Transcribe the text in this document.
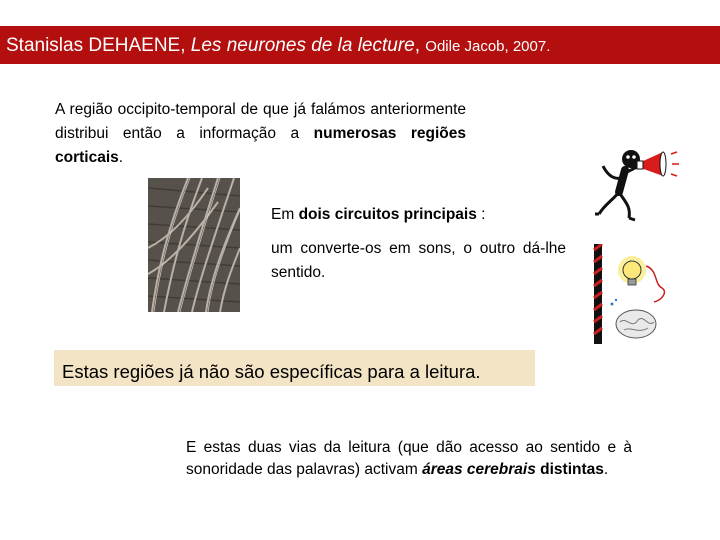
Stanislas DEHAENE, Les neurones de la lecture, Odile Jacob, 2007.
A região occipito-temporal de que já falámos anteriormente distribui então a informação a numerosas regiões corticais.
Em dois circuitos principais :
um converte-os em sons, o outro dá-lhe sentido.
Estas regiões já não são específicas para a leitura.
E estas duas vias da leitura (que dão acesso ao sentido e à sonoridade das palavras) activam áreas cerebrais distintas.
